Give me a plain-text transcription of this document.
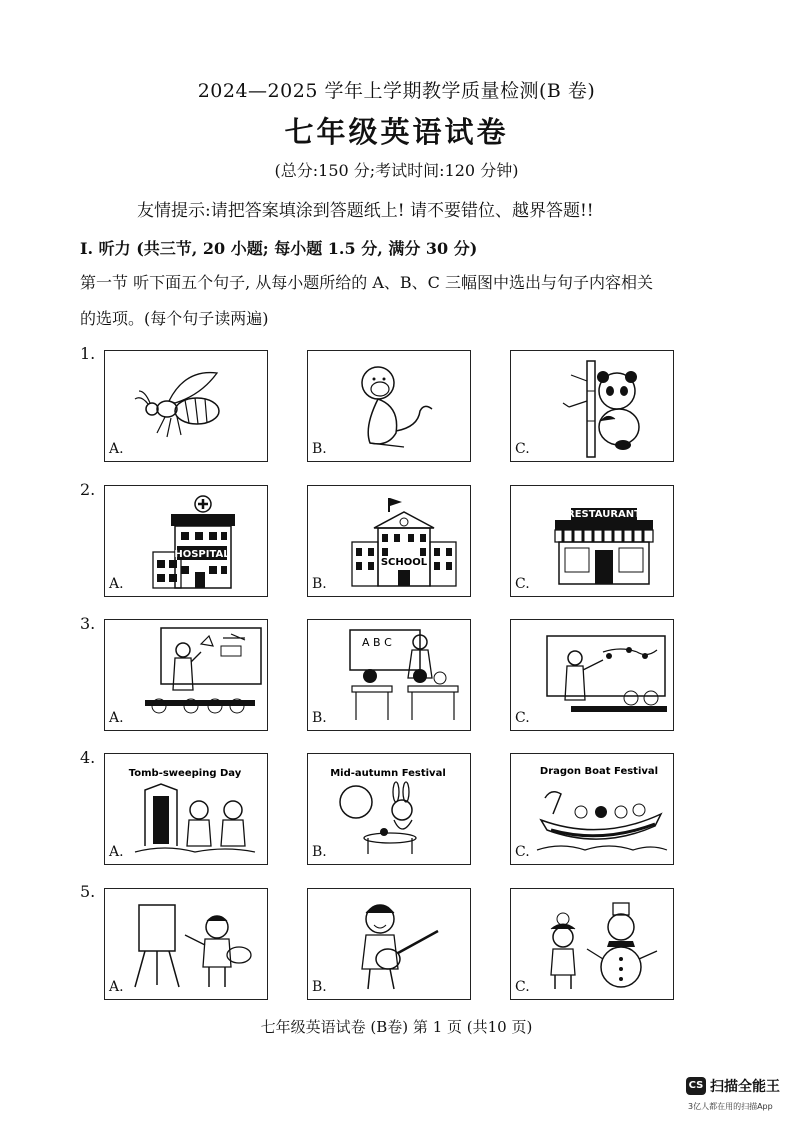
2024—2025 学年上学期教学质量检测(B 卷)
七年级英语试卷
(总分:150 分;考试时间:120 分钟)
友情提示:请把答案填涂到答题纸上! 请不要错位、越界答题!!
Ⅰ. 听力 (共三节, 20 小题; 每小题 1.5 分, 满分 30 分)
第一节 听下面五个句子, 从每小题所给的 A、B、C 三幅图中选出与句子内容相关
的选项。(每个句子读两遍)
1.
A.	B.	C.
2.
HOSPITAL
A.
SCHOOL
B.
RESTAURANT
C.
3.
A.
A B C
B.	C.
4.
Tomb-sweeping Day
A.
Mid-autumn Festival
B.
Dragon Boat Festival
C.
5.
A.	B.	C.
七年级英语试卷 (B卷) 第 1 页 (共10 页)
CS 扫描全能王
3亿人都在用的扫描App
